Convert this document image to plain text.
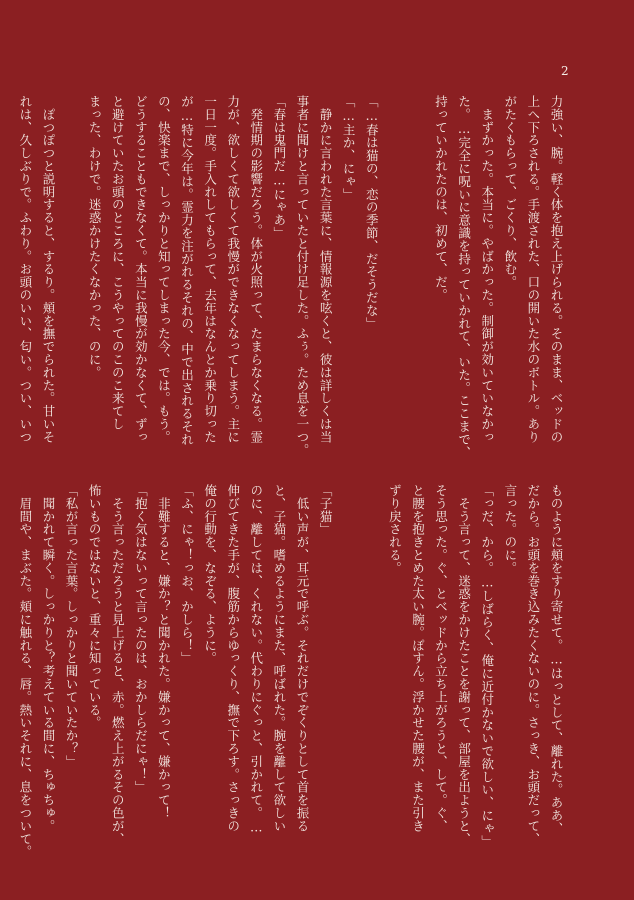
2
力強い、腕。軽く体を抱え上げられる。そのまま、ベッドの
上へ下ろされる。手渡された、口の開いた水のボトル。あり
がたくもらって、ごくり、飲む。
　まずかった。本当に。やばかった。制御が効いていなかっ
た。…完全に呪いに意識を持っていかれて、いた。ここまで、
持っていかれたのは、初めて、だ。

「…春は猫の、恋の季節、だそうだな」
「…主か、にゃ」
　静かに言われた言葉に、情報源を呟くと、彼は詳しくは当
事者に聞けと言っていたと付け足した。ふぅ。ため息を一つ。
「春は鬼門だ…にゃあ」
　発情期の影響だろう。体が火照って、たまらなくなる。霊
力が、欲しくて欲しくて我慢ができなくなってしまう。主に
一日一度。手入れしてもらって、去年はなんとか乗り切った
が…特に今年は。霊力を注がれるそれの、中で出されるそれ
の、快楽まで、しっかりと知ってしまった今、では。もう。
どうすることもできなくて。本当に我慢が効かなくて、ずっ
と避けていたお頭のところに、こうやってのこのこ来てし
まった、わけで。迷惑かけたくなかった、のに。

　ぽつぽつと説明すると、するり。頬を撫でられた。甘いそ
れは、久しぶりで。ふわり。お頭のいい、匂い。つい、いつ
ものように頬をすり寄せて。…はっとして、離れた。ああ、
だから。お頭を巻き込みたくないのに。さっき、お頭だって、
言った。のに。
「っだ、から。…しばらく、俺に近付かないで欲しい、にゃ」
　そう言って、迷惑をかけたことを謝って、部屋を出ようと、
そう思った。ぐ、とベッドから立ち上がろうと、して。ぐ、
と腰を抱きとめた太い腕。ぽすん。浮かせた腰が、また引き
ずり戻される。

「子猫」
　低い声が、耳元で呼ぶ。それだけでぞくりとして首を振る
と、子猫。嗜めるようにまた、呼ばれた。腕を離して欲しい
のに、離しては、くれない。代わりにぐっと、引かれて。…
伸びてきた手が、腹筋からゆっくり、撫で下ろす。さっきの
俺の行動を、なぞる、ように。
「ふ、にゃ！っお、かしら！」
　非難すると、嫌か？と聞かれた。嫌かって、嫌かって！
「抱く気はないって言ったのは、おかしらだにゃ！」
　そう言っただろうと見上げると、赤。燃え上がるその色が、
怖いものではないと、重々に知っている。
「私が言った言葉。しっかりと聞いていたか？」
　聞かれて瞬く。しっかりと？考えている間に、ちゅちゅ。
　眉間や、まぶた。頬に触れる、唇。熱いそれに、息をついて。
